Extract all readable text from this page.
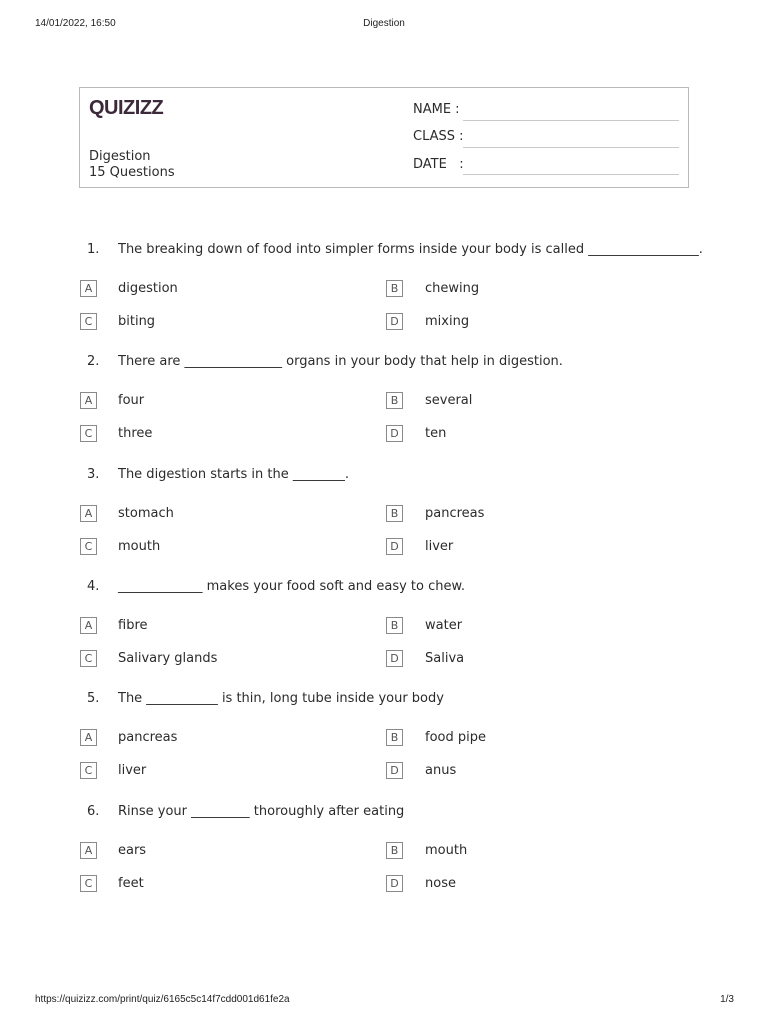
14/01/2022, 16:50	Digestion
QUIZIZZ
Digestion
15 Questions
NAME :
CLASS :
DATE   :
1. The breaking down of food into simpler forms inside your body is called _________________.
A	digestion	B	chewing
C	biting	D	mixing
2. There are _______________ organs in your body that help in digestion.
A	four	B	several
C	three	D	ten
3. The digestion starts in the ________.
A	stomach	B	pancreas
C	mouth	D	liver
4. _____________ makes your food soft and easy to chew.
A	fibre	B	water
C	Salivary glands	D	Saliva
5. The ___________ is thin, long tube inside your body
A	pancreas	B	food pipe
C	liver	D	anus
6. Rinse your _________ thoroughly after eating
A	ears	B	mouth
C	feet	D	nose
https://quizizz.com/print/quiz/6165c5c14f7cdd001d61fe2a	1/3
